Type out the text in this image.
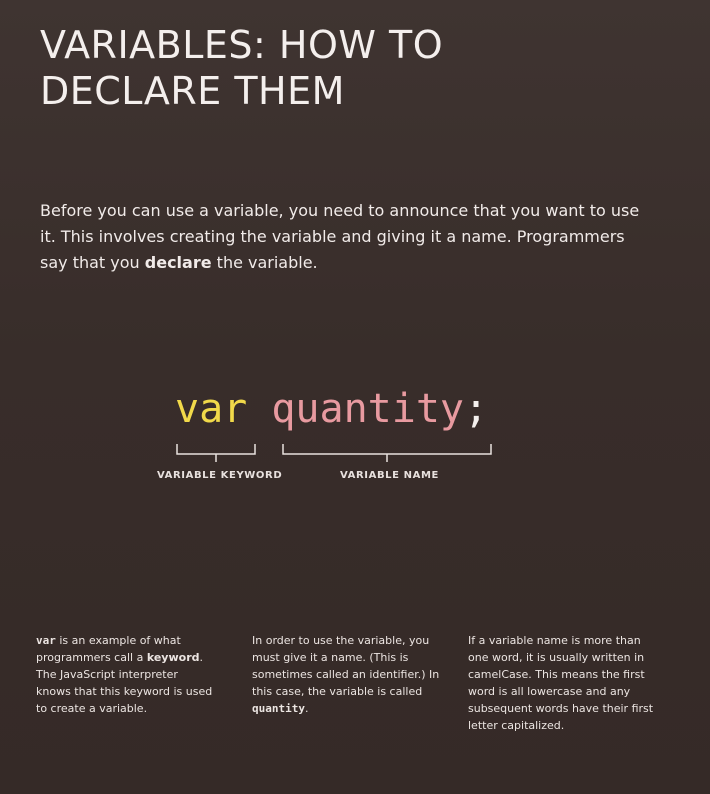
VARIABLES: HOW TO
DECLARE THEM

Before you can use a variable, you need to announce that you want to use it. This involves creating the variable and giving it a name. Programmers say that you declare the variable.

var quantity;
VARIABLE KEYWORD	VARIABLE NAME

var is an example of what programmers call a keyword. The JavaScript interpreter knows that this keyword is used to create a variable.

In order to use the variable, you must give it a name. (This is sometimes called an identifier.) In this case, the variable is called quantity.

If a variable name is more than one word, it is usually written in camelCase. This means the first word is all lowercase and any subsequent words have their first letter capitalized.
